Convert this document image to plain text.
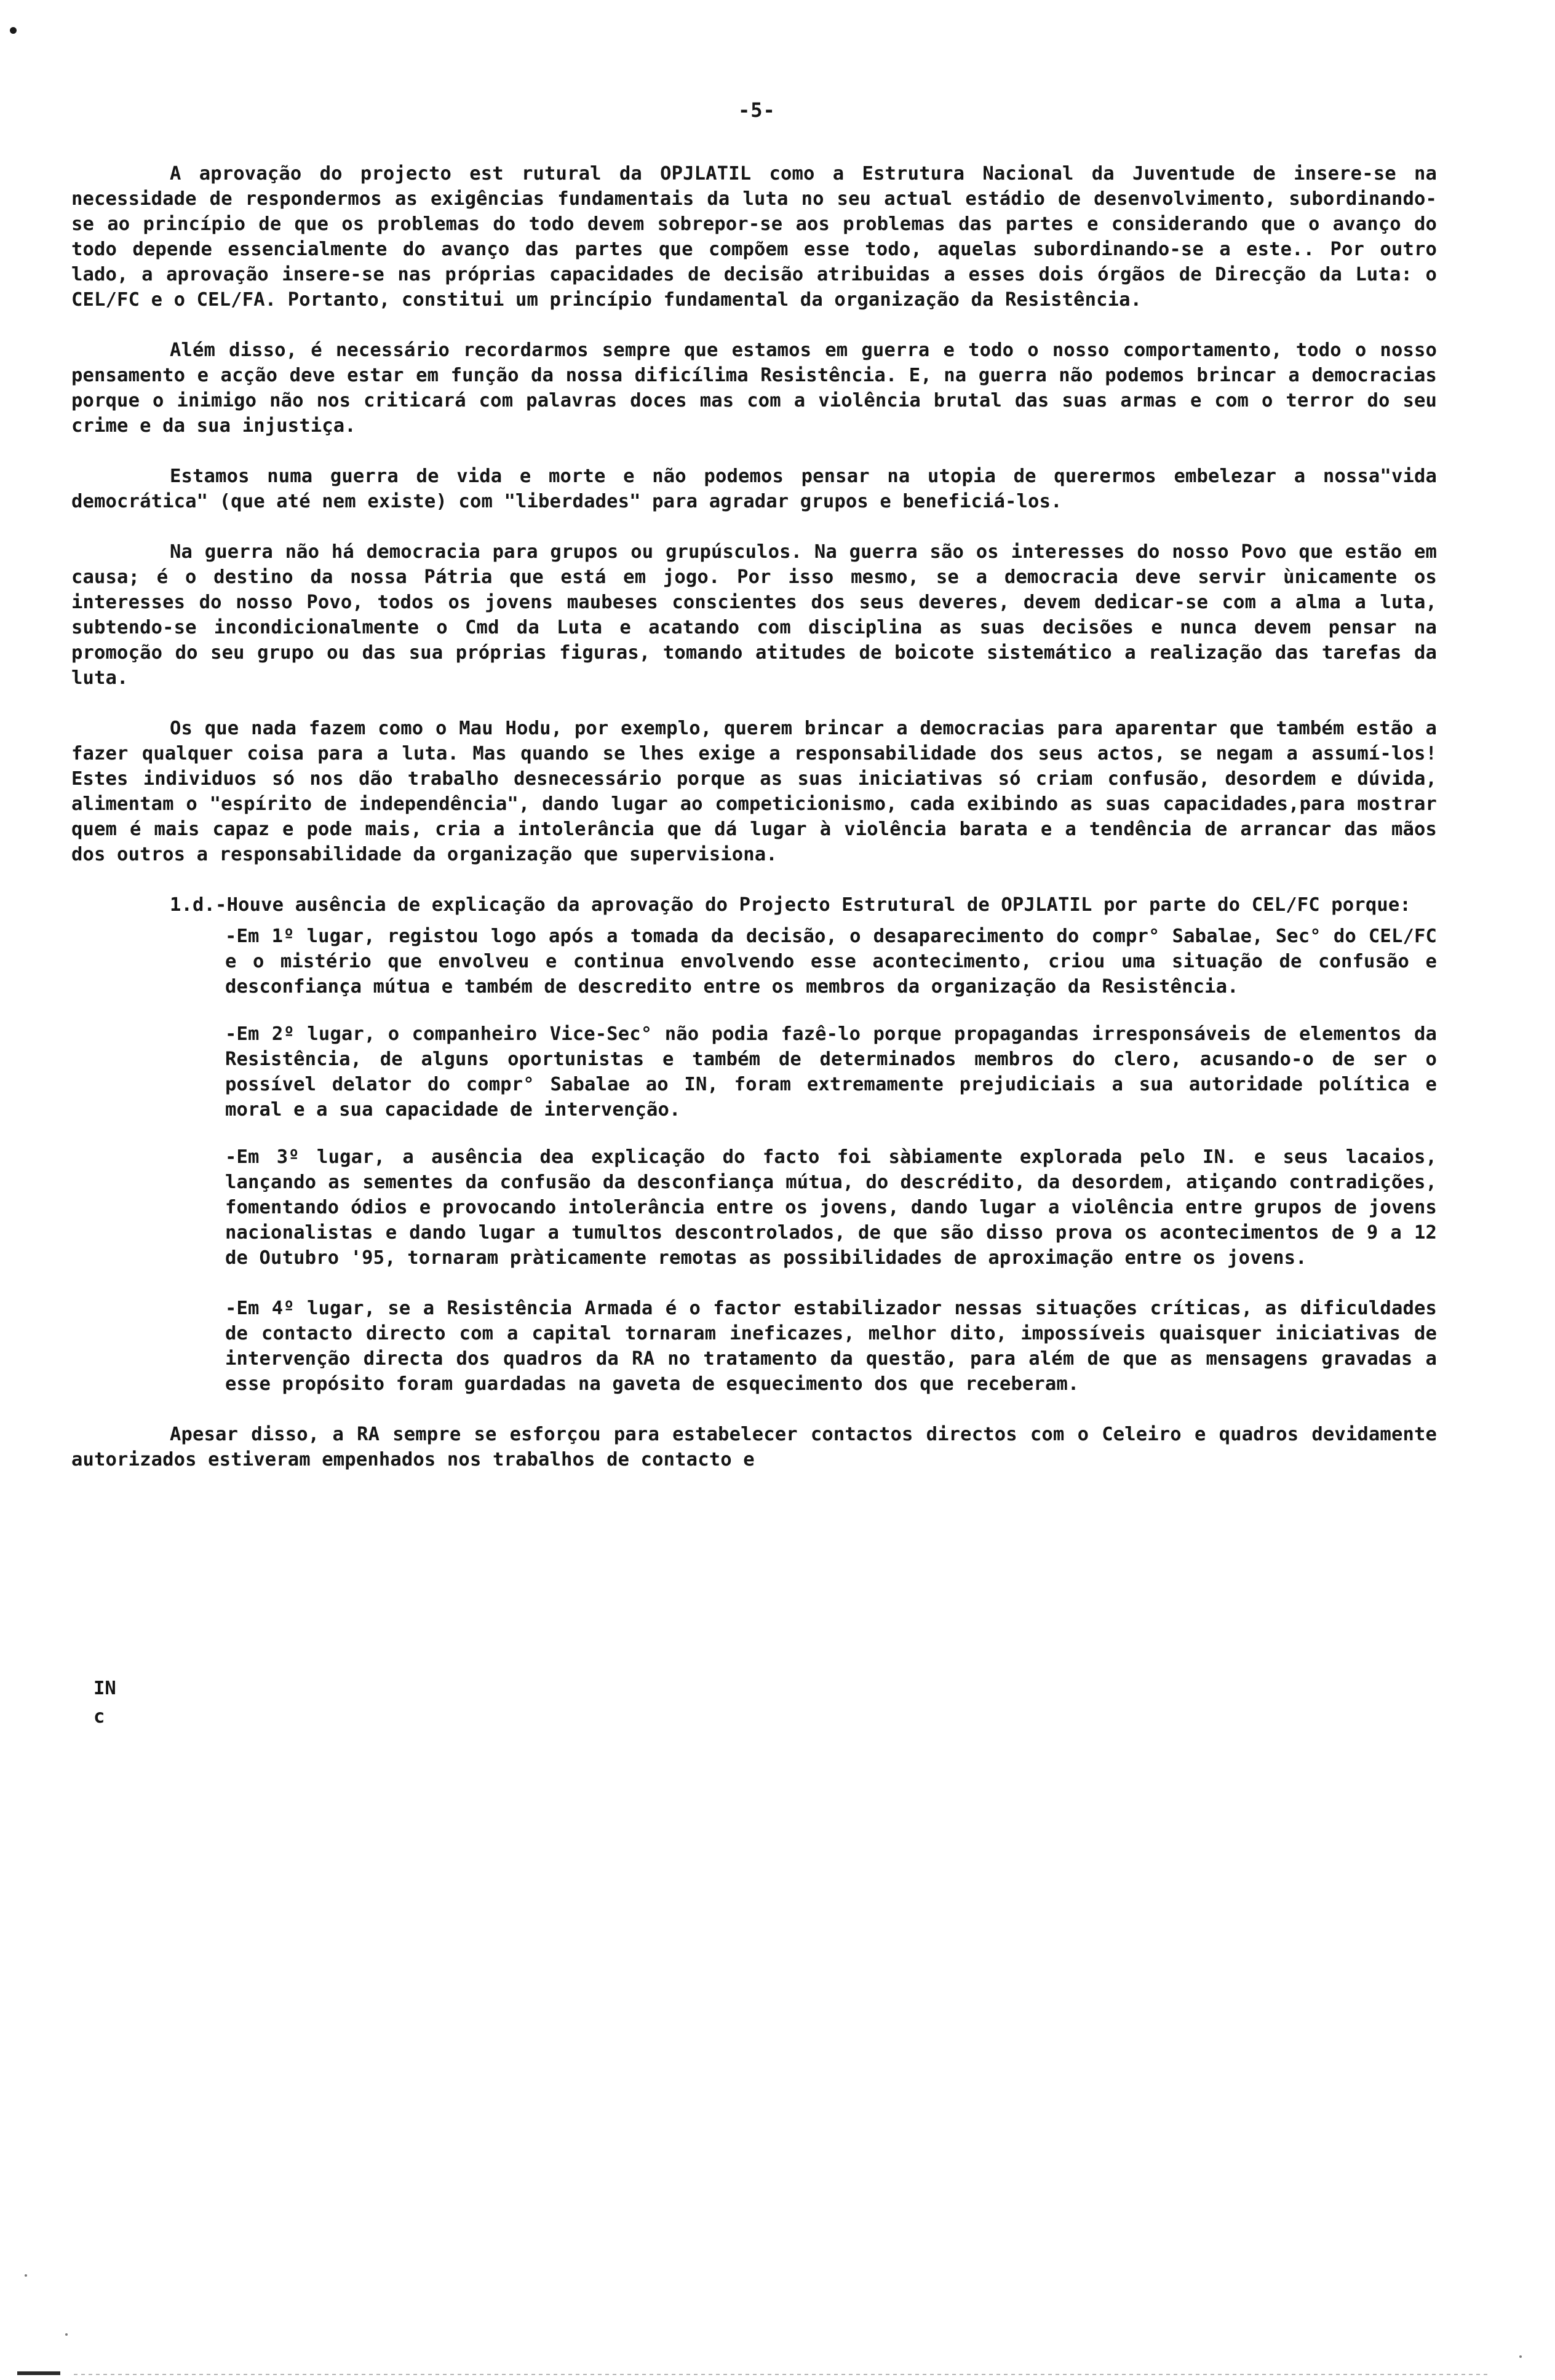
-5-

A aprovação do projecto est rutural da OPJLATIL como a Estrutura Nacional da Juventude de insere-se na necessidade de respondermos as exigências fundamentais da luta no seu actual estádio de desenvolvimento, subordinando-se ao princípio de que os problemas do todo devem sobrepor-se aos problemas das partes e considerando que o avanço do todo depende essencialmente do avanço das partes que compõem esse todo, aquelas subordinando-se a este.. Por outro lado, a aprovação insere-se nas próprias capacidades de decisão atribuidas a esses dois órgãos de Direcção da Luta: o CEL/FC e o CEL/FA. Portanto, constitui um princípio fundamental da organização da Resistência.

Além disso, é necessário recordarmos sempre que estamos em guerra e todo o nosso comportamento, todo o nosso pensamento e acção deve estar em função da nossa dificílima Resistência. E, na guerra não podemos brincar a democracias porque o inimigo não nos criticará com palavras doces mas com a violência brutal das suas armas e com o terror do seu crime e da sua injustiça.

Estamos numa guerra de vida e morte e não podemos pensar na utopia de querermos embelezar a nossa"vida democrática" (que até nem existe) com "liberdades" para agradar grupos e beneficiá-los.

Na guerra não há democracia para grupos ou grupúsculos. Na guerra são os interesses do nosso Povo que estão em causa; é o destino da nossa Pátria que está em jogo. Por isso mesmo, se a democracia deve servir ùnicamente os interesses do nosso Povo, todos os jovens maubeses conscientes dos seus deveres, devem dedicar-se com a alma a luta, subtendo-se incondicionalmente o Cmd da Luta e acatando com disciplina as suas decisões e nunca devem pensar na promoção do seu grupo ou das sua próprias figuras, tomando atitudes de boicote sistemático a realização das tarefas da luta.

Os que nada fazem como o Mau Hodu, por exemplo, querem brincar a democracias para aparentar que também estão a fazer qualquer coisa para a luta. Mas quando se lhes exige a responsabilidade dos seus actos, se negam a assumí-los! Estes individuos só nos dão trabalho desnecessário porque as suas iniciativas só criam confusão, desordem e dúvida, alimentam o "espírito de independência", dando lugar ao competicionismo, cada exibindo as suas capacidades,para mostrar quem é mais capaz e pode mais, cria a intolerância que dá lugar à violência barata e a tendência de arrancar das mãos dos outros a responsabilidade da organização que supervisiona.

1.d.-Houve ausência de explicação da aprovação do Projecto Estrutural de OPJLATIL por parte do CEL/FC porque:

-Em 1º lugar, registou logo após a tomada da decisão, o desaparecimento do compr° Sabalae, Sec° do CEL/FC e o mistério que envolveu e continua envolvendo esse acontecimento, criou uma situação de confusão e desconfiança mútua e também de descredito entre os membros da organização da Resistência.

-Em 2º lugar, o companheiro Vice-Sec° não podia fazê-lo porque propagandas irresponsáveis de elementos da Resistência, de alguns oportunistas e também de determinados membros do clero, acusando-o de ser o possível delator do compr° Sabalae ao IN, foram extremamente prejudiciais a sua autoridade política e moral e a sua capacidade de intervenção.

-Em 3º lugar, a ausência dea explicação do facto foi sàbiamente explorada pelo IN. e seus lacaios, lançando as sementes da confusão da desconfiança mútua, do descrédito, da desordem, atiçando contradições, fomentando ódios e provocando intolerância entre os jovens, dando lugar a violência entre grupos de jovens nacionalistas e dando lugar a tumultos descontrolados, de que são disso prova os acontecimentos de 9 a 12 de Outubro '95, tornaram pràticamente remotas as possibilidades de aproximação entre os jovens.

-Em 4º lugar, se a Resistência Armada é o factor estabilizador nessas situações críticas, as dificuldades de contacto directo com a capital tornaram ineficazes, melhor dito, impossíveis quaisquer iniciativas de intervenção directa dos quadros da RA no tratamento da questão, para além de que as mensagens gravadas a esse propósito foram guardadas na gaveta de esquecimento dos que receberam.

Apesar disso, a RA sempre se esforçou para estabelecer contactos directos com o Celeiro e quadros devidamente autorizados estiveram empenhados nos trabalhos de contacto e

IN
c
